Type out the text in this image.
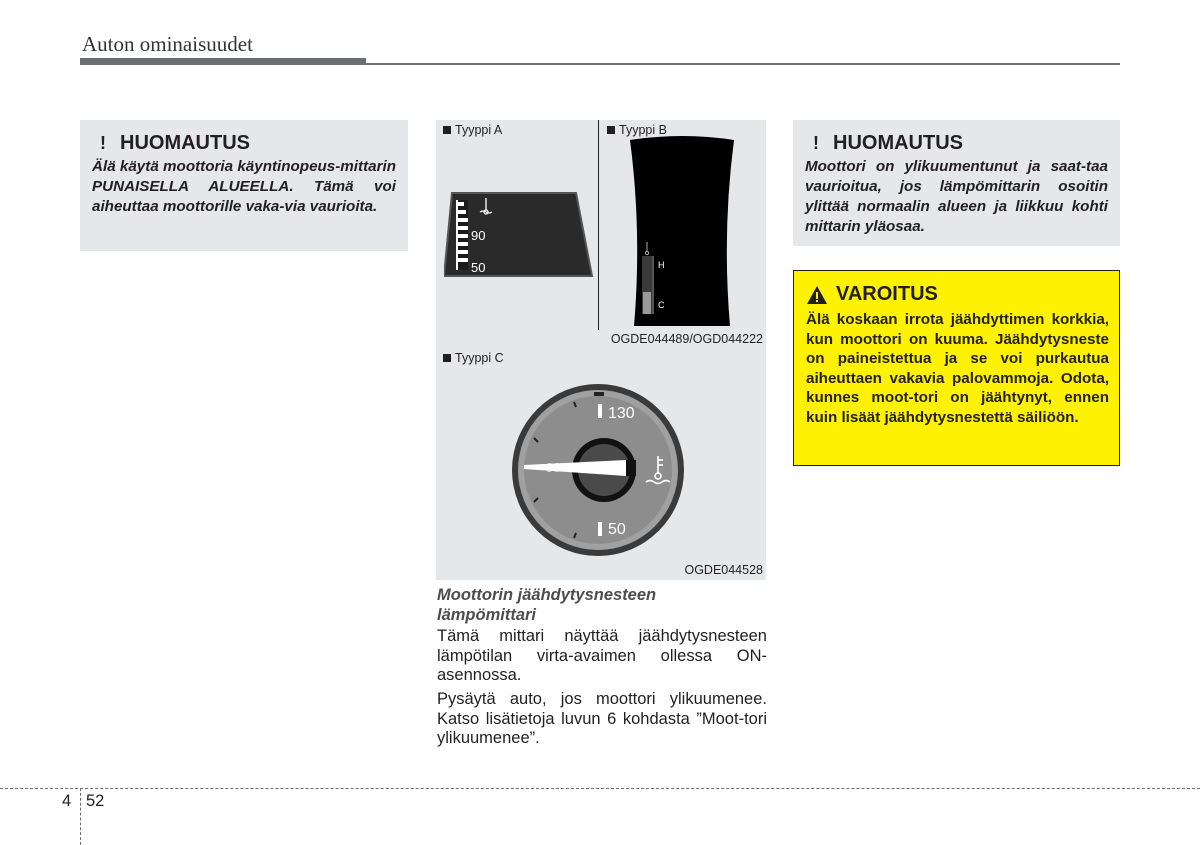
Auton ominaisuudet
! HUOMAUTUS
Älä käytä moottoria käyntinopeus-mittarin PUNAISELLA ALUEELLA. Tämä voi aiheuttaa moottorille vaka-via vaurioita.
Tyyppi A	Tyyppi B
90
50	H
C
OGDE044489/OGD044222
Tyyppi C
130
50
OGDE044528
Moottorin jäähdytysnesteen
lämpömittari
Tämä mittari näyttää jäähdytysnesteen lämpötilan virta-avaimen ollessa ON-asennossa.
Pysäytä auto, jos moottori ylikuumenee. Katso lisätietoja luvun 6 kohdasta ”Moot-tori ylikuumenee”.
! HUOMAUTUS
Moottori on ylikuumentunut ja saat-taa vaurioitua, jos lämpömittarin osoitin ylittää normaalin alueen ja liikkuu kohti mittarin yläosaa.
VAROITUS
Älä koskaan irrota jäähdyttimen korkkia, kun moottori on kuuma. Jäähdytysneste on paineistettua ja se voi purkautua aiheuttaen vakavia palovammoja. Odota, kunnes moot-tori on jäähtynyt, ennen kuin lisäät jäähdytysnestettä säiliöön.
4 52
